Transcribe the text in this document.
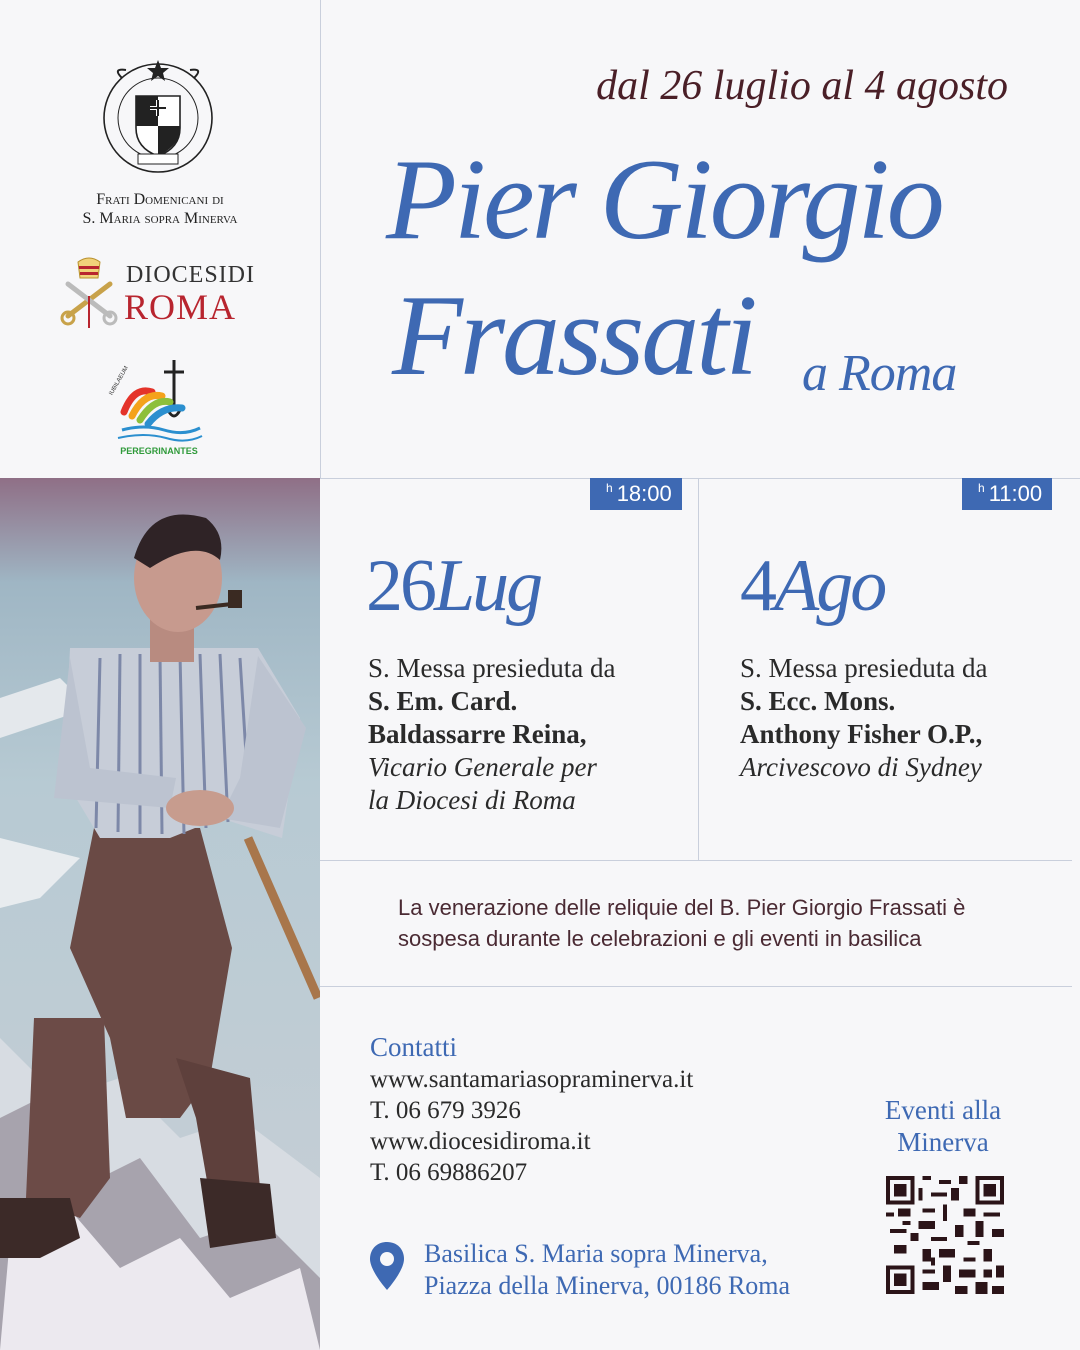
Frati Domenicani di
S. Maria sopra Minerva
DIOCESIDI
ROMA
PEREGRINANTES
IUBILAEUM
dal 26 luglio al 4 agosto
Pier Giorgio
Frassati a Roma
$^h$ 18:00
26Lug
S. Messa presieduta da
S. Em. Card.
Baldassarre Reina,
Vicario Generale per
la Diocesi di Roma
$^h$ 11:00
4Ago
S. Messa presieduta da
S. Ecc. Mons.
Anthony Fisher O.P.,
Arcivescovo di Sydney
La venerazione delle reliquie del B. Pier Giorgio Frassati è
sospesa durante le celebrazioni e gli eventi in basilica
Contatti
www.santamariasopraminerva.it
T. 06 679 3926
www.diocesidiroma.it
T. 06 69886207
Eventi alla
Minerva
Basilica S. Maria sopra Minerva,
Piazza della Minerva, 00186 Roma
